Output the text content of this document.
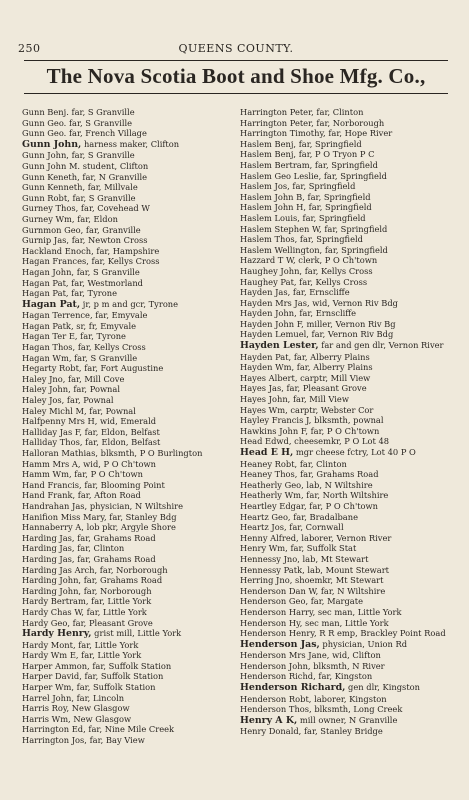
250	QUEENS COUNTY.
The Nova Scotia Boot and Shoe Mfg. Co.,
Gunn Benj. far, S Granville
Gunn Geo. far, S Granville
Gunn Geo. far, French Village
Gunn John, harness maker, Clifton
Gunn John, far, S Granville
Gunn John M. student, Clifton
Gunn Keneth, far, N Granville
Gunn Kenneth, far, Millvale
Gunn Robt, far, S Granville
Gurney Thos, far, Covehead W
Gurney Wm, far, Eldon
Gurnmon Geo, far, Granville
Gurnip Jas, far, Newton Cross
Hackland Enoch, far, Hampshire
Hagan Frances, far, Kellys Cross
Hagan John, far, S Granville
Hagan Pat, far, Westmorland
Hagan Pat, far, Tyrone
Hagan Pat, jr, p m and gcr, Tyrone
Hagan Terrence, far, Emyvale
Hagan Patk, sr, fr, Emyvale
Hagan Ter E, far, Tyrone
Hagan Thos, far, Kellys Cross
Hagan Wm, far, S Granville
Hegarty Robt, far, Fort Augustine
Haley Jno, far, Mill Cove
Haley John, far, Pownal
Haley Jos, far, Pownal
Haley Michl M, far, Pownal
Halfpenny Mrs H, wid, Emerald
Halliday Jas F, far, Eldon, Belfast
Halliday Thos, far, Eldon, Belfast
Halloran Mathias, blksmth, P O Burlington
Hamm Mrs A, wid, P O Ch'town
Hamm Wm, far, P O Ch'town
Hand Francis, far, Blooming Point
Hand Frank, far, Afton Road
Handrahan Jas, physician, N Wiltshire
Hanifion Miss Mary, far, Stanley Bdg
Hannaberry A, lob pkr, Argyle Shore
Harding Jas, far, Grahams Road
Harding Jas, far, Clinton
Harding Jas, far, Grahams Road
Harding Jas Arch, far, Norborough
Harding John, far, Grahams Road
Harding John, far, Norborough
Hardy Bertram, far, Little York
Hardy Chas W, far, Little York
Hardy Geo, far, Pleasant Grove
Hardy Henry, grist mill, Little York
Hardy Mont, far, Little York
Hardy Wm E, far, Little York
Harper Ammon, far, Suffolk Station
Harper David, far, Suffolk Station
Harper Wm, far, Suffolk Station
Harrel John, far, Lincoln
Harris Roy, New Glasgow
Harris Wm, New Glasgow
Harrington Ed, far, Nine Mile Creek
Harrington Jos, far, Bay View
Harrington Peter, far, Clinton
Harrington Peter, far, Norborough
Harrington Timothy, far, Hope River
Haslem Benj, far, Springfield
Haslem Benj, far, P O Tryon P C
Haslem Bertram, far, Springfield
Haslem Geo Leslie, far, Springfield
Haslem Jos, far, Springfield
Haslem John B, far, Springfield
Haslem John H, far, Springfield
Haslem Louis, far, Springfield
Haslem Stephen W, far, Springfield
Haslem Thos, far, Springfield
Haslem Wellington, far, Springfield
Hazzard T W, clerk, P O Ch'town
Haughey John, far, Kellys Cross
Haughey Pat, far, Kellys Cross
Hayden Jas, far, Ernscliffe
Hayden Mrs Jas, wid, Vernon Riv Bdg
Hayden John, far, Ernscliffe
Hayden John F, miller, Vernon Riv Bg
Hayden Lemuel, far, Vernon Riv Bdg
Hayden Lester, far and gen dlr, Vernon River
Hayden Pat, far, Alberry Plains
Hayden Wm, far, Alberry Plains
Hayes Albert, carptr, Mill View
Hayes Jas, far, Pleasant Grove
Hayes John, far, Mill View
Hayes Wm, carptr, Webster Cor
Hayley Francis J, blksmth, pownal
Hawkins John F, far, P O Ch'town
Head Edwd, cheesemkr, P O Lot 48
Head E H, mgr cheese fctry, Lot 40 P O
Heaney Robt, far, Clinton
Heaney Thos, far, Grahams Road
Heatherly Geo, lab, N Wiltshire
Heatherly Wm, far, North Wiltshire
Heartley Edgar, far, P O Ch'town
Heartz Geo, far, Bradalbane
Heartz Jos, far, Cornwall
Henny Alfred, laborer, Vernon River
Henry Wm, far, Suffolk Stat
Hennessy Jno, lab, Mt Stewart
Hennessy Patk, lab, Mount Stewart
Herring Jno, shoemkr, Mt Stewart
Henderson Dan W, far, N Wiltshire
Henderson Geo, far, Margate
Henderson Harry, sec man, Little York
Henderson Hy, sec man, Little York
Henderson Henry, R R emp, Brackley Point Road
Henderson Jas, physician, Union Rd
Henderson Mrs Jane, wid, Clifton
Henderson John, blksmth, N River
Henderson Richd, far, Kingston
Henderson Richard, gen dlr, Kingston
Henderson Robt, laborer, Kingston
Henderson Thos, blksmth, Long Creek
Henry A K, mill owner, N Granville
Henry Donald, far, Stanley Bridge
